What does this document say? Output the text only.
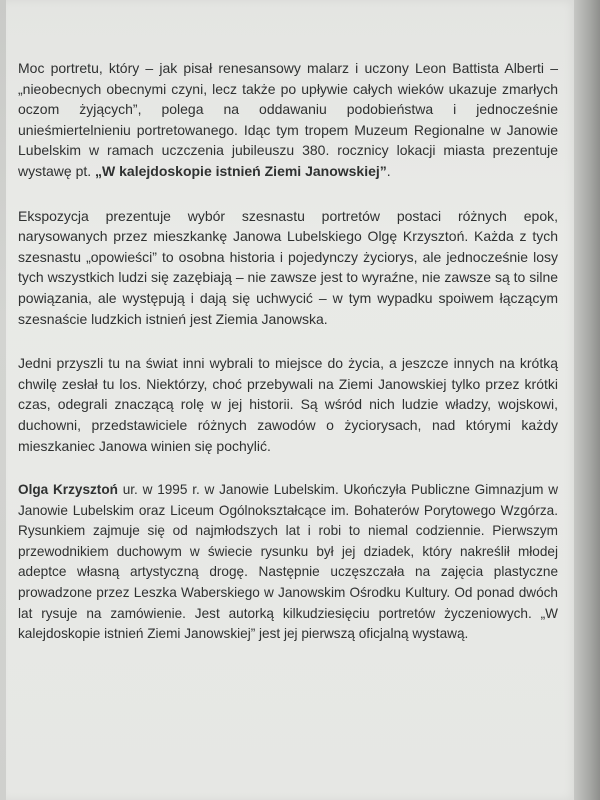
Moc portretu, który – jak pisał renesansowy malarz i uczony Leon Battista Alberti – „nieobecnych obecnymi czyni, lecz także po upływie całych wieków ukazuje zmarłych oczom żyjących”, polega na oddawaniu podobieństwa i jednocześnie unieśmiertelnieniu portretowanego. Idąc tym tropem Muzeum Regionalne w Janowie Lubelskim w ramach uczczenia jubileuszu 380. rocznicy lokacji miasta prezentuje wystawę pt. „W kalejdoskopie istnień Ziemi Janowskiej”.

Ekspozycja prezentuje wybór szesnastu portretów postaci różnych epok, narysowanych przez mieszkankę Janowa Lubelskiego Olgę Krzysztoń. Każda z tych szesnastu „opowieści” to osobna historia i pojedynczy życiorys, ale jednocześnie losy tych wszystkich ludzi się zazębiają – nie zawsze jest to wyraźne, nie zawsze są to silne powiązania, ale występują i dają się uchwycić – w tym wypadku spoiwem łączącym szesnaście ludzkich istnień jest Ziemia Janowska.

Jedni przyszli tu na świat inni wybrali to miejsce do życia, a jeszcze innych na krótką chwilę zesłał tu los. Niektórzy, choć przebywali na Ziemi Janowskiej tylko przez krótki czas, odegrali znaczącą rolę w jej historii. Są wśród nich ludzie władzy, wojskowi, duchowni, przedstawiciele różnych zawodów o życiorysach, nad którymi każdy mieszkaniec Janowa winien się pochylić.

Olga Krzysztoń ur. w 1995 r. w Janowie Lubelskim. Ukończyła Publiczne Gimnazjum w Janowie Lubelskim oraz Liceum Ogólnokształcące im. Bohaterów Porytowego Wzgórza. Rysunkiem zajmuje się od najmłodszych lat i robi to niemal codziennie. Pierwszym przewodnikiem duchowym w świecie rysunku był jej dziadek, który nakreślił młodej adeptce własną artystyczną drogę. Następnie uczęszczała na zajęcia plastyczne prowadzone przez Leszka Waberskiego w Janowskim Ośrodku Kultury. Od ponad dwóch lat rysuje na zamówienie. Jest autorką kilkudziesięciu portretów życzeniowych. „W kalejdoskopie istnień Ziemi Janowskiej” jest jej pierwszą oficjalną wystawą.
